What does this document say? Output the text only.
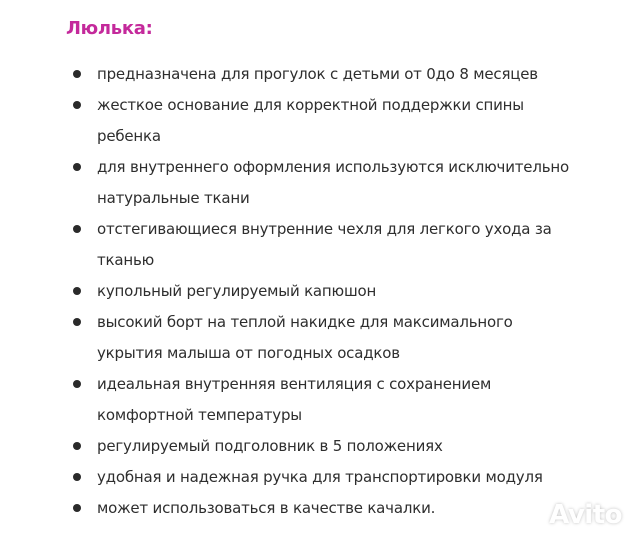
Люлька:
предназначена для прогулок с детьми от 0до 8 месяцев
жесткое основание для корректной поддержки спины ребенка
для внутреннего оформления используются исключительно натуральные ткани
отстегивающиеся внутренние чехля для легкого ухода за тканью
купольный регулируемый капюшон
высокий борт на теплой накидке для максимального укрытия малыша от погодных осадков
идеальная внутренняя вентиляция с сохранением комфортной температуры
регулируемый подголовник в 5 положениях
удобная и надежная ручка для транспортировки модуля
может использоваться в качестве качалки.	Avito
